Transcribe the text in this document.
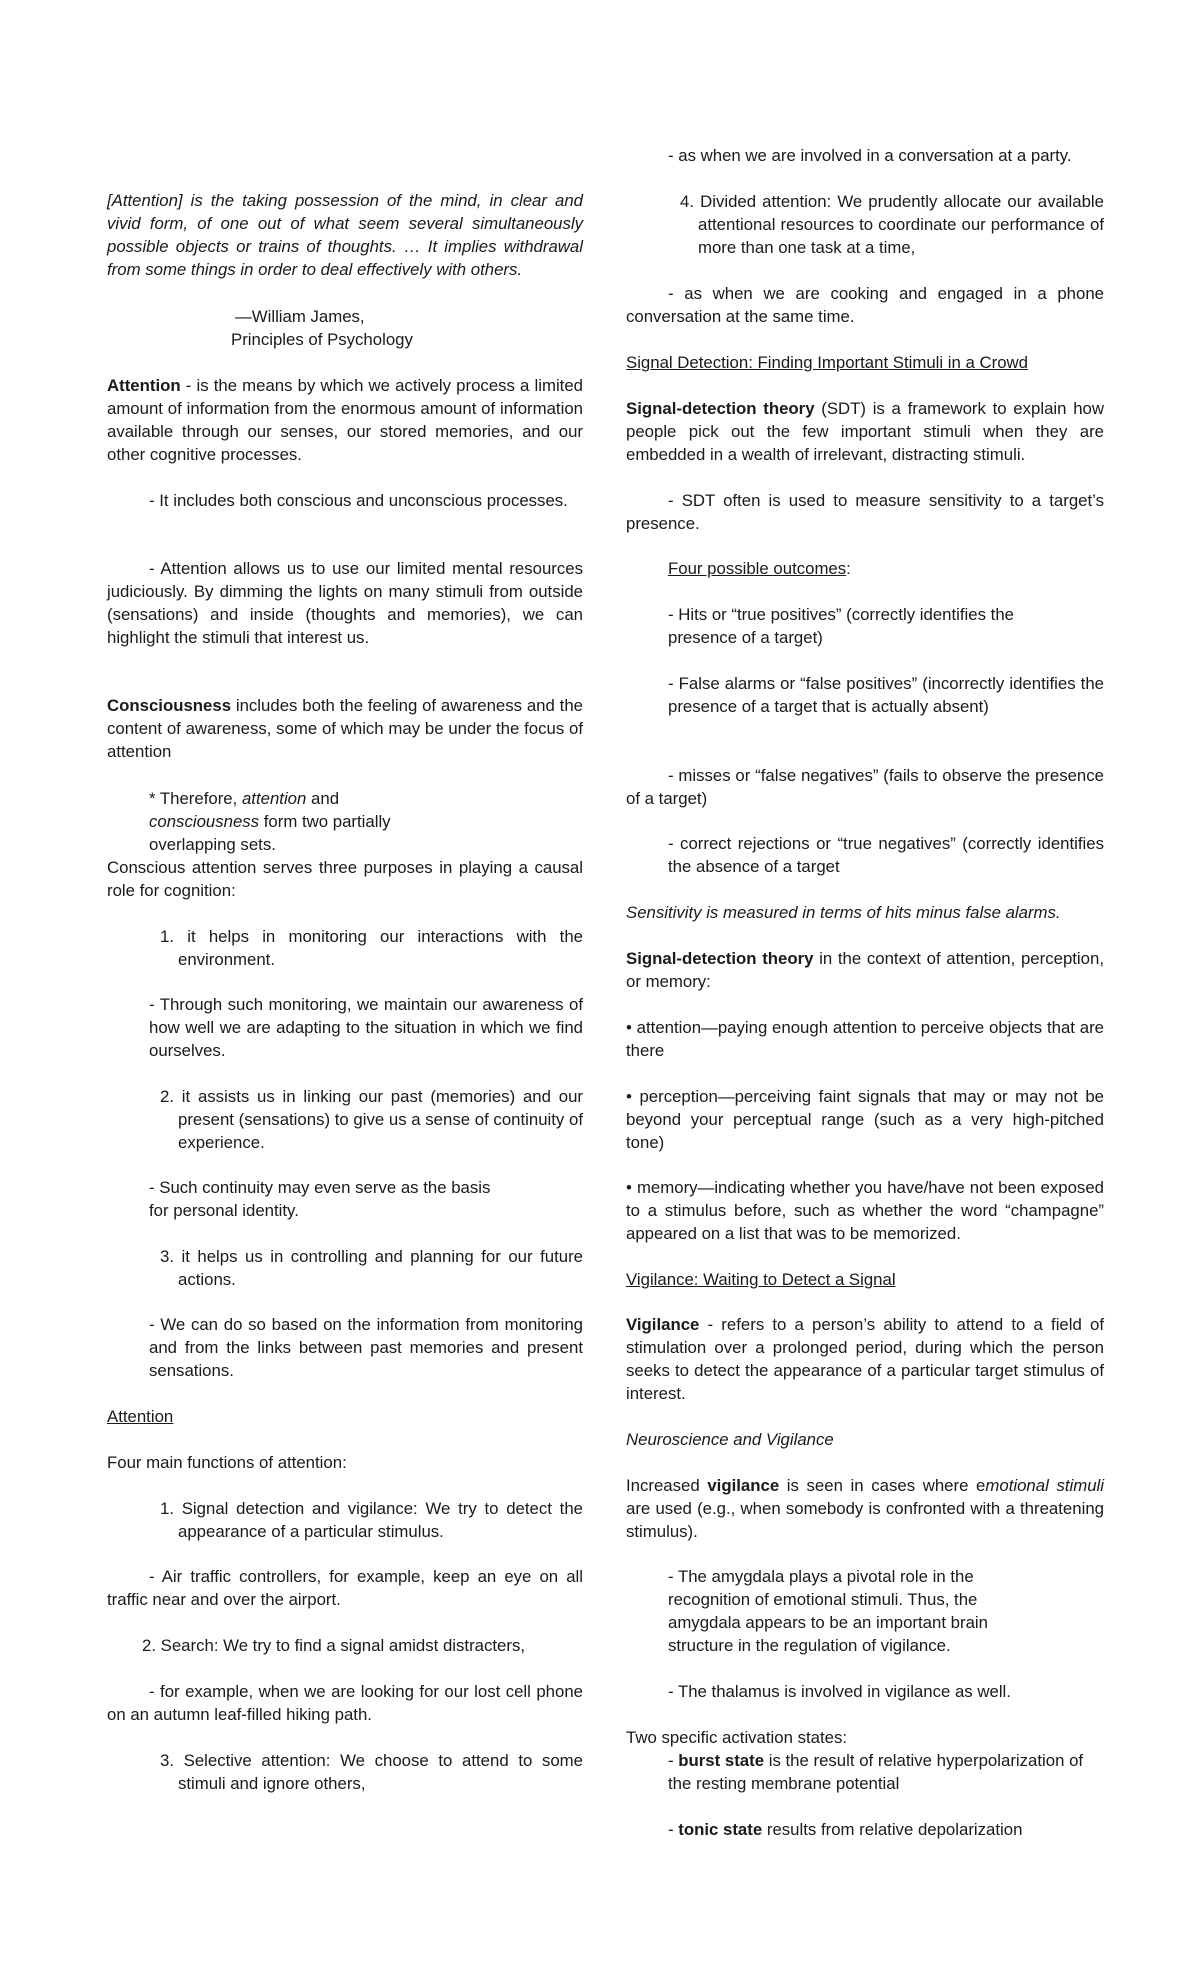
[Attention] is the taking possession of the mind, in clear and vivid form, of one out of what seem several simultaneously possible objects or trains of thoughts. … It implies withdrawal from some things in order to deal effectively with others.

—William James,

Principles of Psychology

Attention - is the means by which we actively process a limited amount of information from the enormous amount of information available through our senses, our stored memories, and our other cognitive processes.

- It includes both conscious and unconscious processes.

- Attention allows us to use our limited mental resources judiciously. By dimming the lights on many stimuli from outside (sensations) and inside (thoughts and memories), we can highlight the stimuli that interest us.

Consciousness includes both the feeling of awareness and the content of awareness, some of which may be under the focus of attention

* Therefore, attention and consciousness form two partially overlapping sets.

Conscious attention serves three purposes in playing a causal role for cognition:

1. it helps in monitoring our interactions with the environment.

- Through such monitoring, we maintain our awareness of how well we are adapting to the situation in which we find ourselves.

2. it assists us in linking our past (memories) and our present (sensations) to give us a sense of continuity of experience.

- Such continuity may even serve as the basis for personal identity.

3. it helps us in controlling and planning for our future actions.

- We can do so based on the information from monitoring and from the links between past memories and present sensations.

Attention

Four main functions of attention:

1. Signal detection and vigilance: We try to detect the appearance of a particular stimulus.

- Air traffic controllers, for example, keep an eye on all traffic near and over the airport.

2. Search: We try to find a signal amidst distracters,

- for example, when we are looking for our lost cell phone on an autumn leaf-filled hiking path.

3. Selective attention: We choose to attend to some stimuli and ignore others,

- as when we are involved in a conversation at a party.

4. Divided attention: We prudently allocate our available attentional resources to coordinate our performance of more than one task at a time,

- as when we are cooking and engaged in a phone conversation at the same time.

Signal Detection: Finding Important Stimuli in a Crowd

Signal-detection theory (SDT) is a framework to explain how people pick out the few important stimuli when they are embedded in a wealth of irrelevant, distracting stimuli.

- SDT often is used to measure sensitivity to a target’s presence.

Four possible outcomes:

- Hits or “true positives” (correctly identifies the presence of a target)

- False alarms or “false positives” (incorrectly identifies the presence of a target that is actually absent)

- misses or “false negatives” (fails to observe the presence of a target)

- correct rejections or “true negatives” (correctly identifies the absence of a target

Sensitivity is measured in terms of hits minus false alarms.

Signal-detection theory in the context of attention, perception, or memory:

• attention—paying enough attention to perceive objects that are there

• perception—perceiving faint signals that may or may not be beyond your perceptual range (such as a very high-pitched tone)

• memory—indicating whether you have/have not been exposed to a stimulus before, such as whether the word “champagne” appeared on a list that was to be memorized.

Vigilance: Waiting to Detect a Signal

Vigilance - refers to a person’s ability to attend to a field of stimulation over a prolonged period, during which the person seeks to detect the appearance of a particular target stimulus of interest.

Neuroscience and Vigilance

Increased vigilance is seen in cases where emotional stimuli are used (e.g., when somebody is confronted with a threatening stimulus).

- The amygdala plays a pivotal role in the recognition of emotional stimuli. Thus, the amygdala appears to be an important brain structure in the regulation of vigilance.

- The thalamus is involved in vigilance as well.

Two specific activation states:

- burst state is the result of relative hyperpolarization of the resting membrane potential

- tonic state results from relative depolarization
